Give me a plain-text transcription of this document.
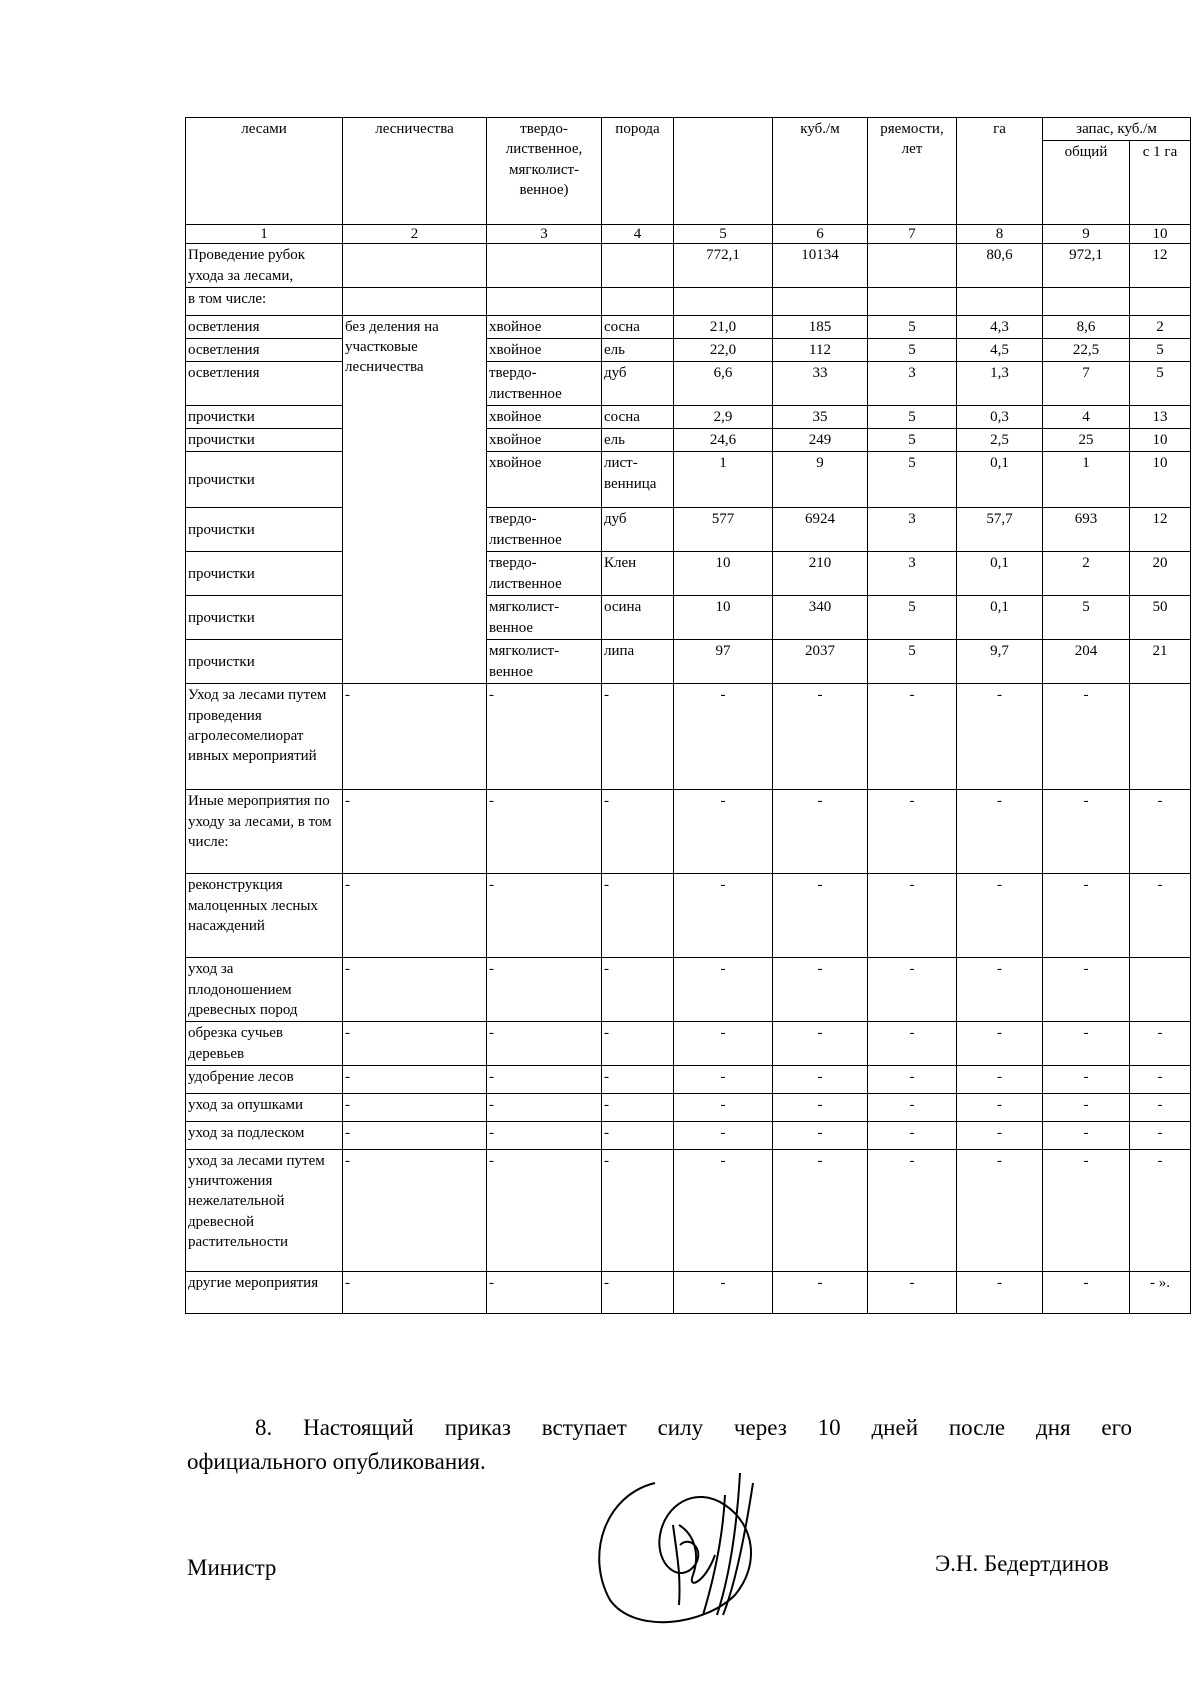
лесами	лесничества	твердо-лиственное, мягколист-венное)	порода		куб./м	ряемости, лет	га	запас, куб./м	
								общий	с 1 га
1	2	3	4	5	6	7	8	9	10
Проведение рубок ухода за лесами,				772,1	10134		80,6	972,1	12
в том числе:									
осветления	без деления на участковые лесничества	хвойное	сосна	21,0	185	5	4,3	8,6	2
осветления		хвойное	ель	22,0	112	5	4,5	22,5	5
осветления		твердо-лиственное	дуб	6,6	33	3	1,3	7	5
прочистки		хвойное	сосна	2,9	35	5	0,3	4	13
прочистки		хвойное	ель	24,6	249	5	2,5	25	10
прочистки		хвойное	лист-венница	1	9	5	0,1	1	10
прочистки		твердо-лиственное	дуб	577	6924	3	57,7	693	12
прочистки		твердо-лиственное	Клен	10	210	3	0,1	2	20
прочистки		мягколист-венное	осина	10	340	5	0,1	5	50
прочистки		мягколист-венное	липа	97	2037	5	9,7	204	21
Уход за лесами путем проведения агролесомелиорат ивных мероприятий	-	-	-	-	-	-	-	-	
Иные мероприятия по уходу за лесами, в том числе:	-	-	-	-	-	-	-	-	-
реконструкция малоценных лесных насаждений	-	-	-	-	-	-	-	-	-
уход за плодоношением древесных пород	-	-	-	-	-	-	-	-	
обрезка сучьев деревьев	-	-	-	-	-	-	-	-	-
удобрение лесов	-	-	-	-	-	-	-	-	-
уход за опушками	-	-	-	-	-	-	-	-	-
уход за подлеском	-	-	-	-	-	-	-	-	-
уход за лесами путем уничтожения нежелательной древесной растительности	-	-	-	-	-	-	-	-	-
другие мероприятия	-	-	-	-	-	-	-	-	- ».
8. Настоящий приказ вступает силу через 10 дней после дня его
официального опубликования.
Министр	Э.Н. Бедертдинов
